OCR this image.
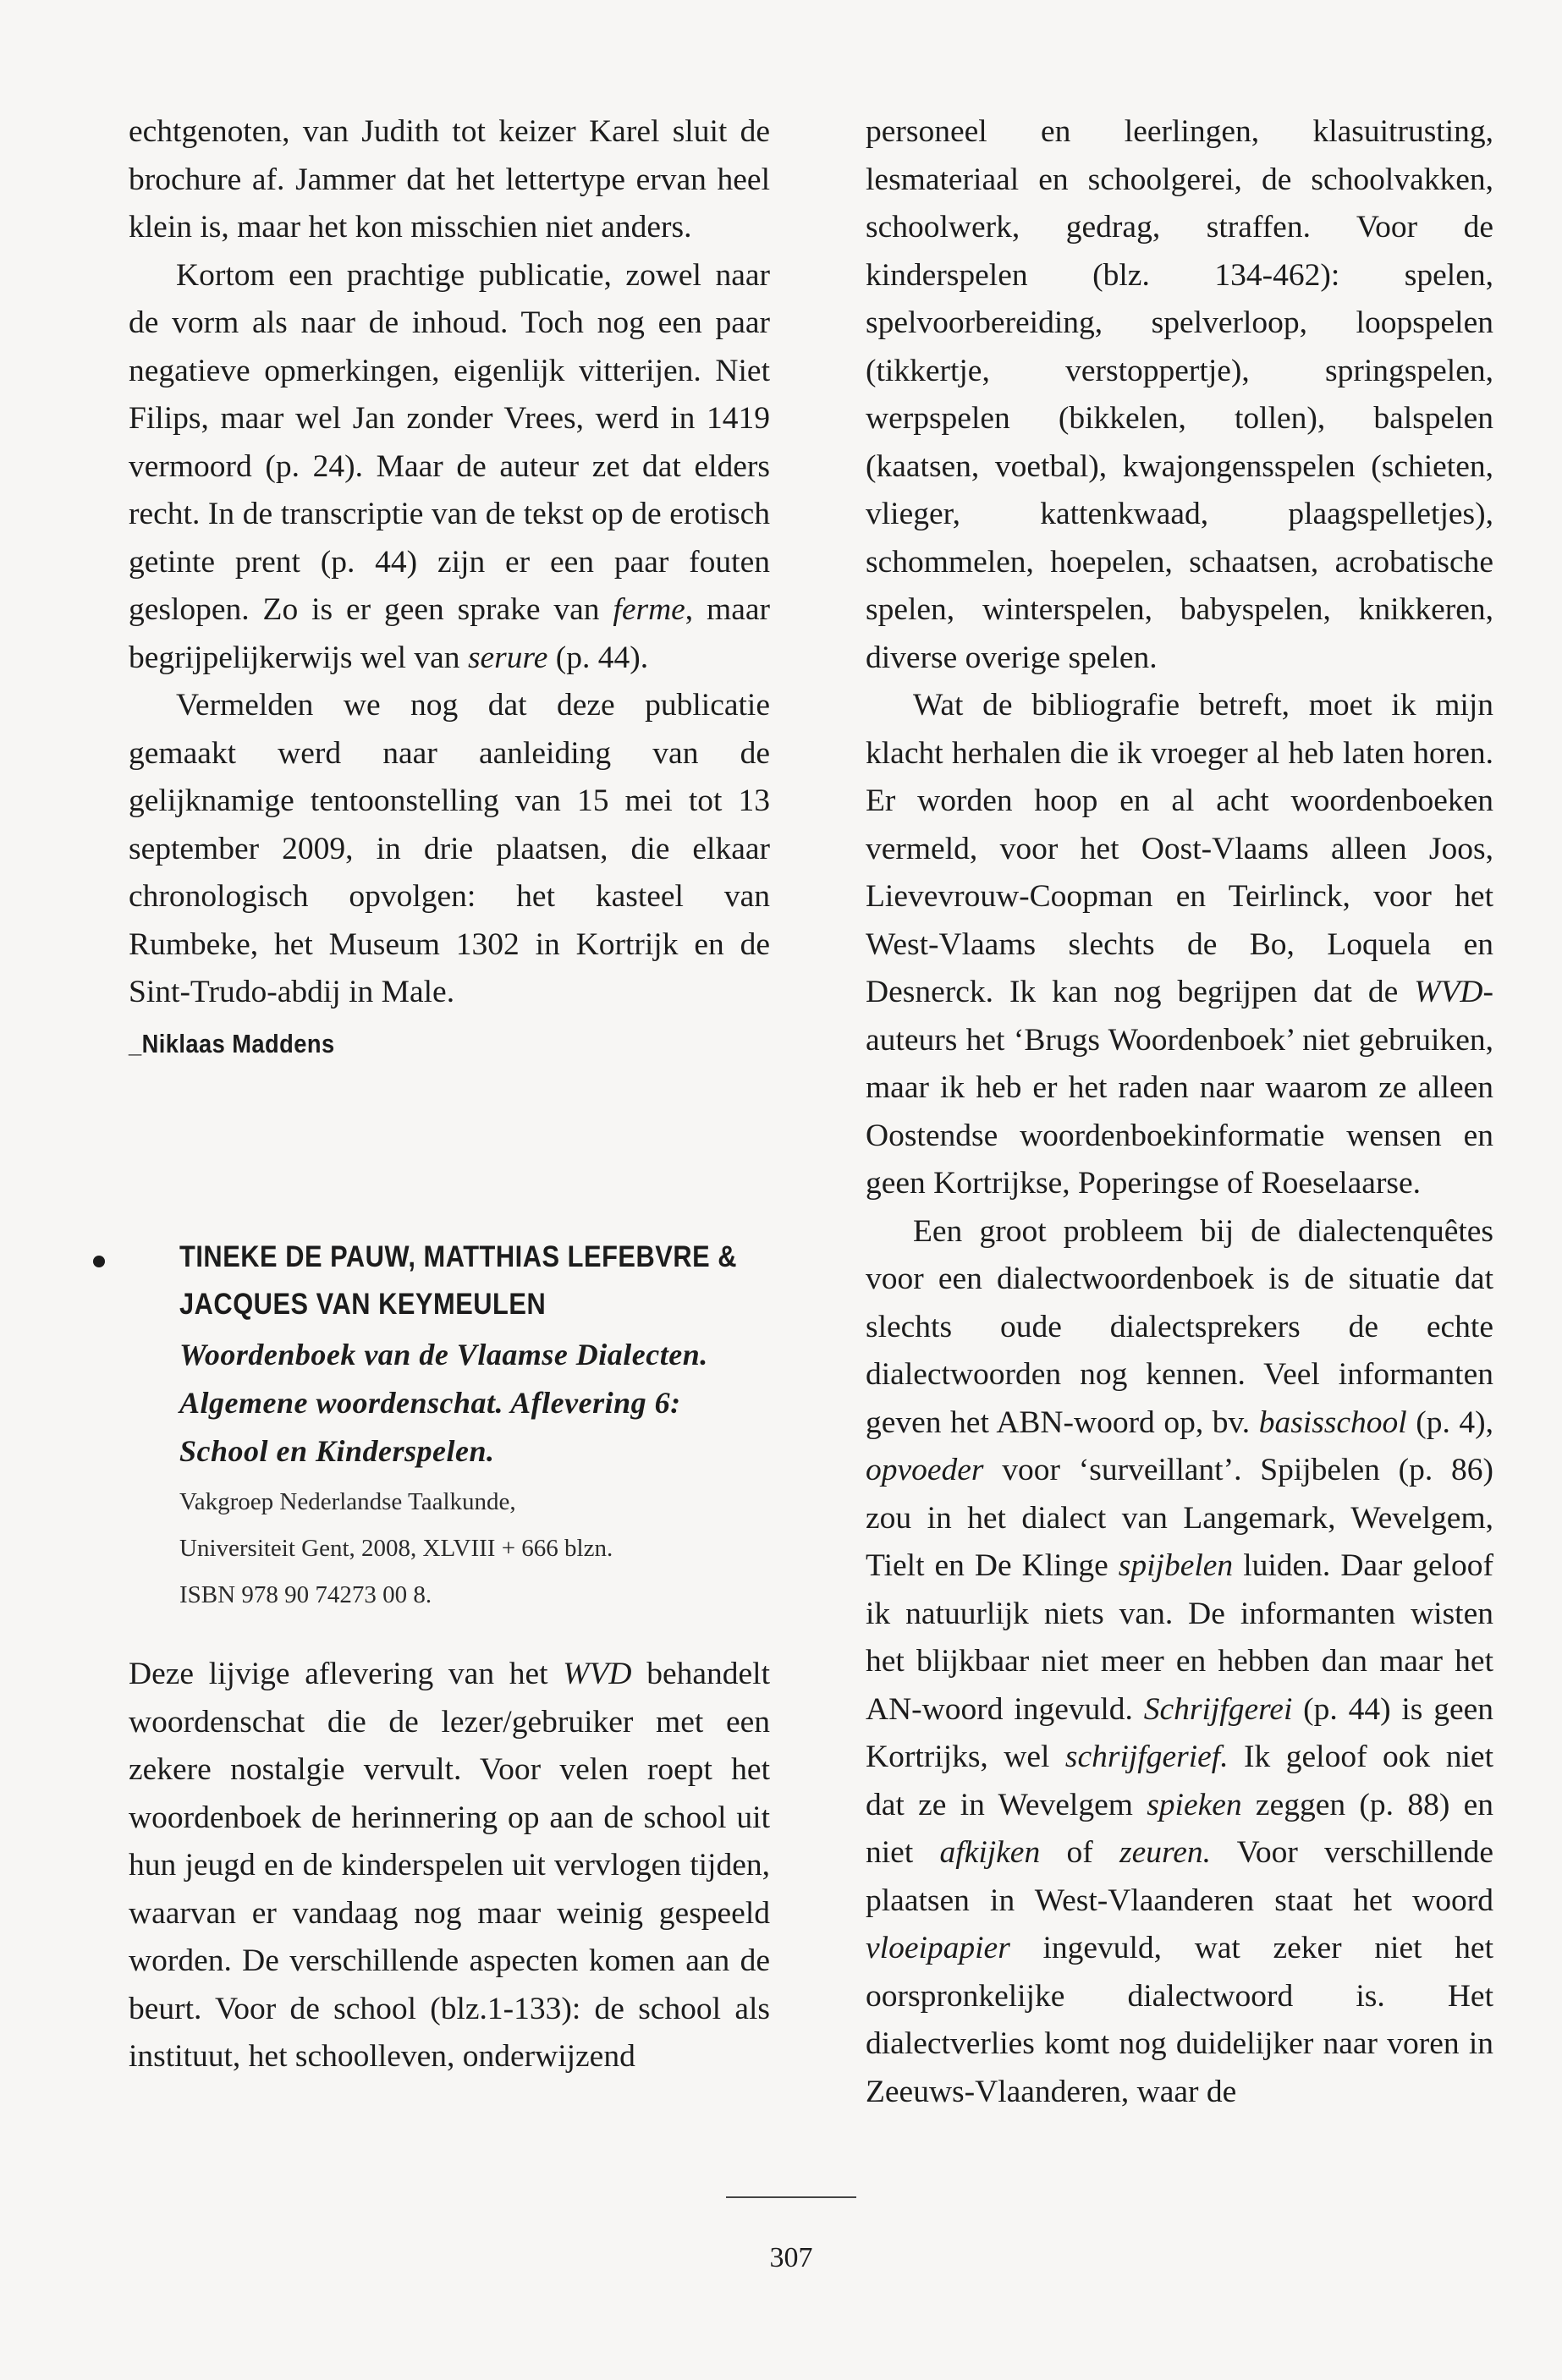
echtgenoten, van Judith tot keizer Karel sluit de brochure af. Jammer dat het lettertype ervan heel klein is, maar het kon misschien niet anders.

Kortom een prachtige publicatie, zowel naar de vorm als naar de inhoud. Toch nog een paar negatieve opmerkingen, eigenlijk vitterijen. Niet Filips, maar wel Jan zonder Vrees, werd in 1419 vermoord (p. 24). Maar de auteur zet dat elders recht. In de transcriptie van de tekst op de erotisch getinte prent (p. 44) zijn er een paar fouten geslopen. Zo is er geen sprake van ferme, maar begrijpelijkerwijs wel van serure (p. 44).

Vermelden we nog dat deze publicatie gemaakt werd naar aanleiding van de gelijknamige tentoonstelling van 15 mei tot 13 september 2009, in drie plaatsen, die elkaar chronologisch opvolgen: het kasteel van Rumbeke, het Museum 1302 in Kortrijk en de Sint-Trudo-abdij in Male.

_Niklaas Maddens
TINEKE DE PAUW, MATTHIAS LEFEBVRE & JACQUES VAN KEYMEULEN
Woordenboek van de Vlaamse Dialecten. Algemene woordenschat. Aflevering 6: School en Kinderspelen.
Vakgroep Nederlandse Taalkunde,
Universiteit Gent, 2008, XLVIII + 666 blzn.
ISBN 978 90 74273 00 8.

Deze lijvige aflevering van het WVD behandelt woordenschat die de lezer/gebruiker met een zekere nostalgie vervult. Voor velen roept het woordenboek de herinnering op aan de school uit hun jeugd en de kinderspelen uit vervlogen tijden, waarvan er vandaag nog maar weinig gespeeld worden. De verschillende aspecten komen aan de beurt. Voor de school (blz.1-133): de school als instituut, het schoolleven, onderwijzend

personeel en leerlingen, klasuitrusting, lesmateriaal en schoolgerei, de schoolvakken, schoolwerk, gedrag, straffen. Voor de kinderspelen (blz. 134-462): spelen, spelvoorbereiding, spelverloop, loopspelen (tikkertje, verstoppertje), springspelen, werpspelen (bikkelen, tollen), balspelen (kaatsen, voetbal), kwajongensspelen (schieten, vlieger, kattenkwaad, plaagspelletjes), schommelen, hoepelen, schaatsen, acrobatische spelen, winterspelen, babyspelen, knikkeren, diverse overige spelen.

Wat de bibliografie betreft, moet ik mijn klacht herhalen die ik vroeger al heb laten horen. Er worden hoop en al acht woordenboeken vermeld, voor het Oost-Vlaams alleen Joos, Lievevrouw-Coopman en Teirlinck, voor het West-Vlaams slechts de Bo, Loquela en Desnerck. Ik kan nog begrijpen dat de WVD-auteurs het ‘Brugs Woordenboek’ niet gebruiken, maar ik heb er het raden naar waarom ze alleen Oostendse woordenboekinformatie wensen en geen Kortrijkse, Poperingse of Roeselaarse.

Een groot probleem bij de dialectenquêtes voor een dialectwoordenboek is de situatie dat slechts oude dialectsprekers de echte dialectwoorden nog kennen. Veel informanten geven het ABN-woord op, bv. basisschool (p. 4), opvoeder voor ‘surveillant’. Spijbelen (p. 86) zou in het dialect van Langemark, Wevelgem, Tielt en De Klinge spijbelen luiden. Daar geloof ik natuurlijk niets van. De informanten wisten het blijkbaar niet meer en hebben dan maar het AN-woord ingevuld. Schrijfgerei (p. 44) is geen Kortrijks, wel schrijfgerief. Ik geloof ook niet dat ze in Wevelgem spieken zeggen (p. 88) en niet afkijken of zeuren. Voor verschillende plaatsen in West-Vlaanderen staat het woord vloeipapier ingevuld, wat zeker niet het oorspronkelijke dialectwoord is. Het dialectverlies komt nog duidelijker naar voren in Zeeuws-Vlaanderen, waar de

307
